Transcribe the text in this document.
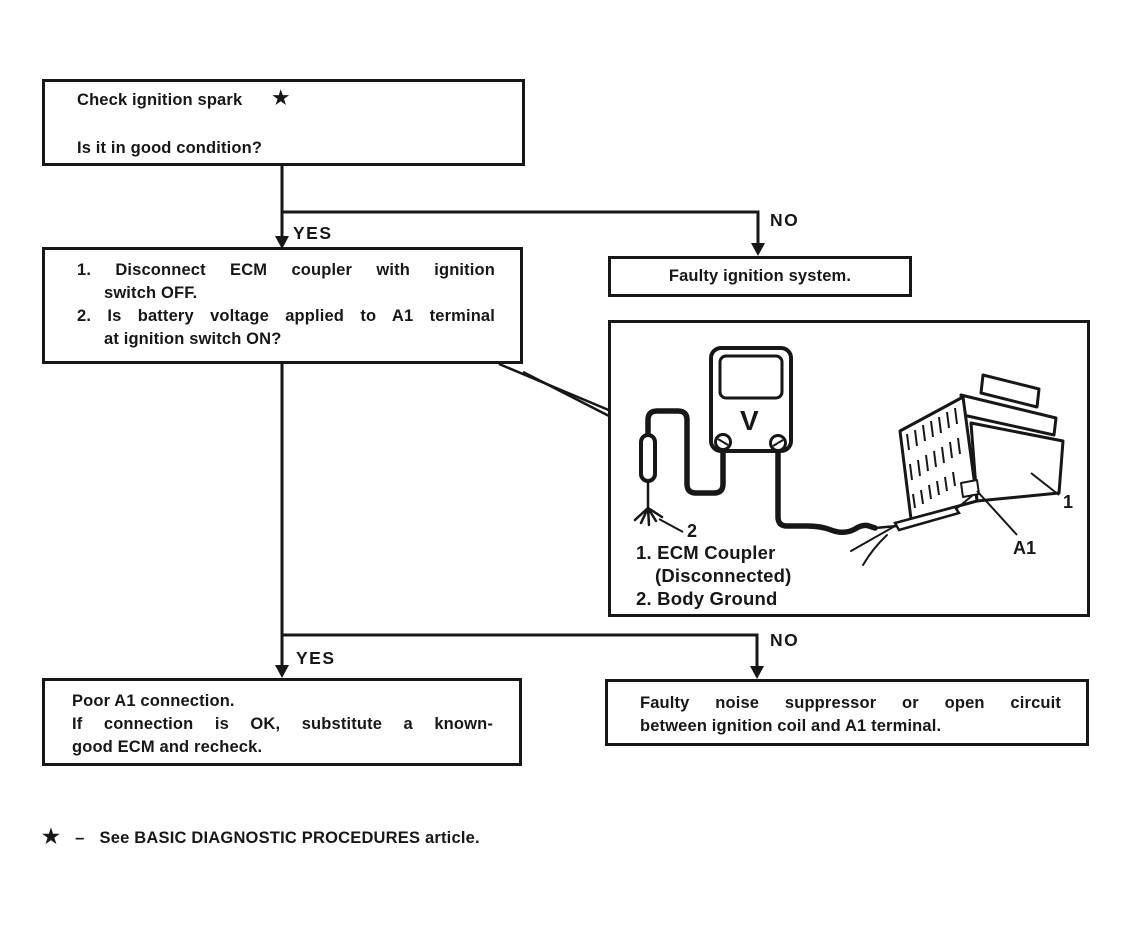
Check ignition spark ★
Is it in good condition?
YES
NO
YES
NO
1. Disconnect ECM coupler with ignition
switch OFF.
2. Is battery voltage applied to A1 terminal
at ignition switch ON?
Faulty ignition system.
V
2
1
A1
1. ECM Coupler
(Disconnected)
2. Body Ground
Poor A1 connection.
If connection is OK, substitute a known-
good ECM and recheck.
Faulty noise suppressor or open circuit
between ignition coil and A1 terminal.
★ – See BASIC DIAGNOSTIC PROCEDURES article.
